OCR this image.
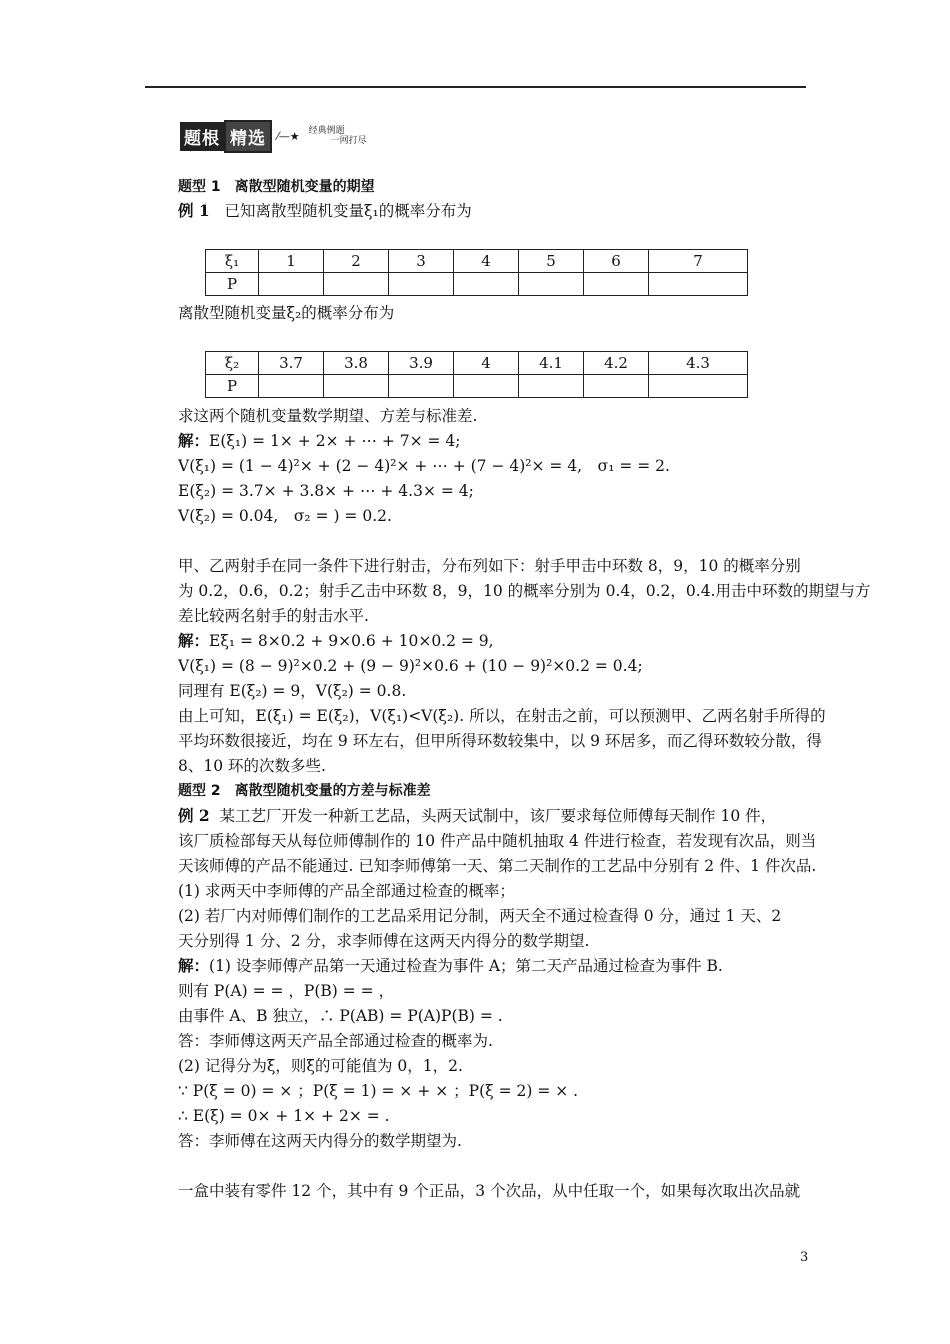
题根 精选 ⁄—★ 经典例题
一网打尽
题型 1　离散型随机变量的期望
例 1 已知离散型随机变量ξ₁的概率分布为
ξ₁	1	2	3	4	5	6	7
P							
离散型随机变量ξ₂的概率分布为
ξ₂	3.7	3.8	3.9	4	4.1	4.2	4.3
P							
求这两个随机变量数学期望、方差与标准差.
解：E(ξ₁) = 1× + 2× + ⋯ + 7× = 4;
V(ξ₁) = (1 − 4)²× + (2 − 4)²× + ⋯ + (7 − 4)²× = 4,　σ₁ = = 2.
E(ξ₂) = 3.7× + 3.8× + ⋯ + 4.3× = 4;
V(ξ₂) = 0.04,　σ₂ = ) = 0.2.
甲、乙两射手在同一条件下进行射击，分布列如下：射手甲击中环数 8，9，10 的概率分别
为 0.2，0.6，0.2；射手乙击中环数 8，9，10 的概率分别为 0.4，0.2，0.4.用击中环数的期望与方
差比较两名射手的射击水平.
解：Eξ₁ = 8×0.2 + 9×0.6 + 10×0.2 = 9,
V(ξ₁) = (8 − 9)²×0.2 + (9 − 9)²×0.6 + (10 − 9)²×0.2 = 0.4;
同理有 E(ξ₂) = 9，V(ξ₂) = 0.8.
由上可知，E(ξ₁) = E(ξ₂)，V(ξ₁)<V(ξ₂). 所以，在射击之前，可以预测甲、乙两名射手所得的
平均环数很接近，均在 9 环左右，但甲所得环数较集中，以 9 环居多，而乙得环数较分散，得
8、10 环的次数多些.
题型 2　离散型随机变量的方差与标准差
例 2 某工艺厂开发一种新工艺品，头两天试制中，该厂要求每位师傅每天制作 10 件，
该厂质检部每天从每位师傅制作的 10 件产品中随机抽取 4 件进行检查，若发现有次品，则当
天该师傅的产品不能通过. 已知李师傅第一天、第二天制作的工艺品中分别有 2 件、1 件次品.
(1) 求两天中李师傅的产品全部通过检查的概率；
(2) 若厂内对师傅们制作的工艺品采用记分制，两天全不通过检查得 0 分，通过 1 天、2
天分别得 1 分、2 分，求李师傅在这两天内得分的数学期望.
解：(1) 设李师傅产品第一天通过检查为事件 A；第二天产品通过检查为事件 B.
则有 P(A) = = ，P(B) = = ，
由事件 A、B 独立，∴ P(AB) = P(A)P(B) = .
答：李师傅这两天产品全部通过检查的概率为.
(2) 记得分为ξ，则ξ的可能值为 0，1，2.
∵ P(ξ = 0) = × ；P(ξ = 1) = × + × ；P(ξ = 2) = × .
∴ E(ξ) = 0× + 1× + 2× = .
答：李师傅在这两天内得分的数学期望为.
一盒中装有零件 12 个，其中有 9 个正品，3 个次品，从中任取一个，如果每次取出次品就
3
